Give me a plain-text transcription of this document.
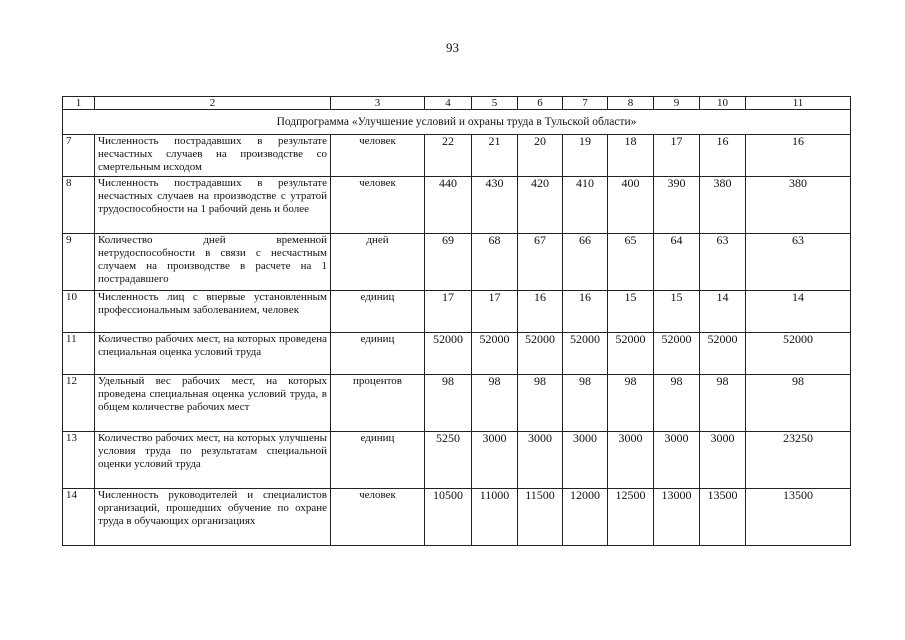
93
1	2	3	4	5	6	7	8	9	10	11
Подпрограмма «Улучшение условий и охраны труда в Тульской области»										
7	Численность пострадавших в результате несчастных случаев на производстве со смертельным исходом	человек	22	21	20	19	18	17	16	16
8	Численность пострадавших в результате несчастных случаев на производстве с утратой трудоспособности на 1 рабочий день и более	человек	440	430	420	410	400	390	380	380
9	Количество дней временной нетрудоспособности в связи с несчастным случаем на производстве в расчете на 1 пострадавшего	дней	69	68	67	66	65	64	63	63
10	Численность лиц с впервые установленным профессиональным заболеванием, человек	единиц	17	17	16	16	15	15	14	14
11	Количество рабочих мест, на которых проведена специальная оценка условий труда	единиц	52000	52000	52000	52000	52000	52000	52000	52000
12	Удельный вес рабочих мест, на которых проведена специальная оценка условий труда, в общем количестве рабочих мест	процентов	98	98	98	98	98	98	98	98
13	Количество рабочих мест, на которых улучшены условия труда по результатам специальной оценки условий труда	единиц	5250	3000	3000	3000	3000	3000	3000	23250
14	Численность руководителей и специалистов организаций, прошедших обучение по охране труда в обучающих организациях	человек	10500	11000	11500	12000	12500	13000	13500	13500
